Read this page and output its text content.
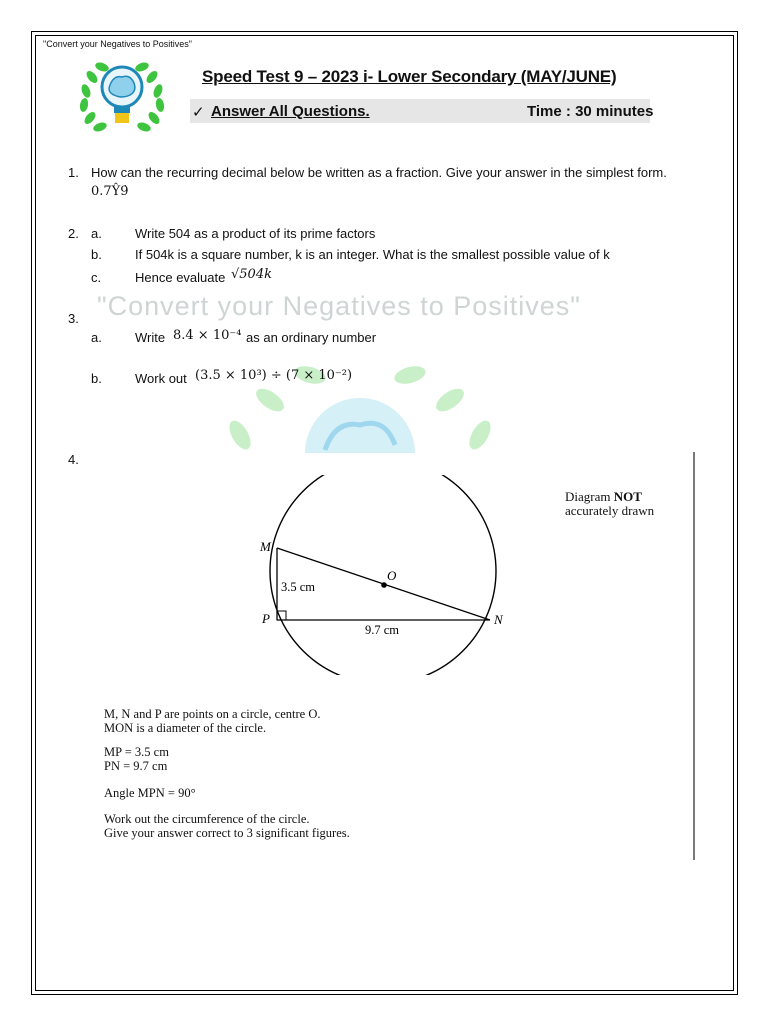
"Convert your Negatives to Positives"
Speed Test 9 – 2023 i- Lower Secondary (MAY/JUNE)
✓ Answer All Questions.	Time : 30 minutes
1. How can the recurring decimal below be written as a fraction. Give your answer in the simplest form.
0.7Ŷ9̇
2. a.	Write 504 as a product of its prime factors
b.	If 504k is a square number, k is an integer. What is the smallest possible value of k
c.	Hence evaluate √504k
"Convert your Negatives to Positives"
3.
a.	Write 8.4 × 10⁻⁴ as an ordinary number
b.	Work out (3.5 × 10³) ÷ (7 × 10⁻²)
4.
M
O
P	N
3.5 cm
9.7 cm
Diagram NOT
accurately drawn
M, N and P are points on a circle, centre O.
MON is a diameter of the circle.
MP = 3.5 cm
PN = 9.7 cm
Angle MPN = 90°
Work out the circumference of the circle.
Give your answer correct to 3 significant figures.
